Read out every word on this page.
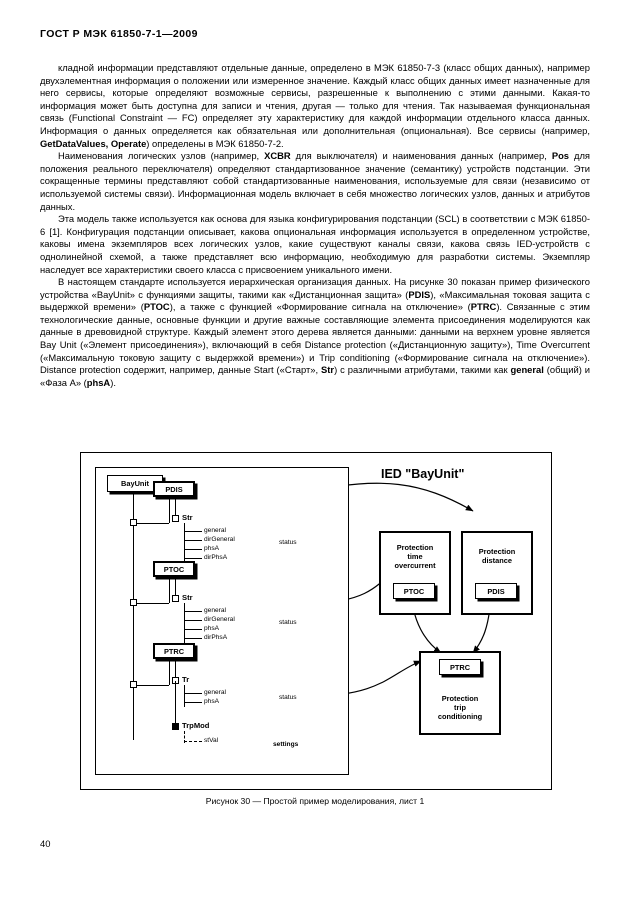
ГОСТ Р МЭК 61850-7-1—2009

кладной информации представляют отдельные данные, определено в МЭК 61850-7-3 (класс общих данных), например двухэлементная информация о положении или измеренное значение. Каждый класс общих данных имеет назначенные для него сервисы, которые определяют возможные сервисы, разрешенные к выполнению с этими данными. Какая-то информация может быть доступна для записи и чтения, другая — только для чтения. Так называемая функциональная связь (Functional Constraint — FC) определяет эту характеристику для каждой информации отдельного класса данных. Информация о данных определяется как обязательная или дополнительная (опциональная). Все сервисы (например, GetDataValues, Operate) определены в МЭК 61850-7-2.

Наименования логических узлов (например, XCBR для выключателя) и наименования данных (например, Pos для положения реального переключателя) определяют стандартизованное значение (семантику) устройств подстанции. Эти сокращенные термины представляют собой стандартизованные наименования, используемые для связи (независимо от используемой системы связи). Информационная модель включает в себя множество логических узлов, данных и атрибутов данных.

Эта модель также используется как основа для языка конфигурирования подстанции (SCL) в соответствии с МЭК 61850-6 [1]. Конфигурация подстанции описывает, какова опциональная информация используется в определенном устройстве, каковы имена экземпляров всех логических узлов, какие существуют каналы связи, какова связь IED-устройств с однолинейной схемой, а также представляет всю информацию, необходимую для разработки системы. Экземпляр наследует все характеристики своего класса с присвоением уникального имени.

В настоящем стандарте используется иерархическая организация данных. На рисунке 30 показан пример физического устройства «BayUnit» с функциями защиты, такими как «Дистанционная защита» (PDIS), «Максимальная токовая защита с выдержкой времени» (PTOC), а также с функцией «Формирование сигнала на отключение» (PTRC). Связанные с этим технологические данные, основные функции и другие важные составляющие элемента присоединения моделируются как данные в древовидной структуре. Каждый элемент этого дерева является данными: данными на верхнем уровне является Bay Unit («Элемент присоединения»), включающий в себя Distance protection («Дистанционную защиту»), Time Overcurrent («Максимальную токовую защиту с выдержкой времени») и Trip conditioning («Формирование сигнала на отключение»). Distance protection содержит, например, данные Start («Старт», Str) с различными атрибутами, такими как general (общий) и «Фаза A» (phsA).

IED "BayUnit"

BayUnit
PDIS
PTOC
PTRC
Str
general
dirGeneral
phsA
dirPhsA
status
Str
general
dirGeneral
phsA
dirPhsA
status
Tr
general
phsA
status
TrpMod
stVal
settings
Protection
time
overcurrent
PTOC
Protection
distance
PDIS
Protection
trip
conditioning
PTRC
Рисунок 30 — Простой пример моделирования, лист 1
40
